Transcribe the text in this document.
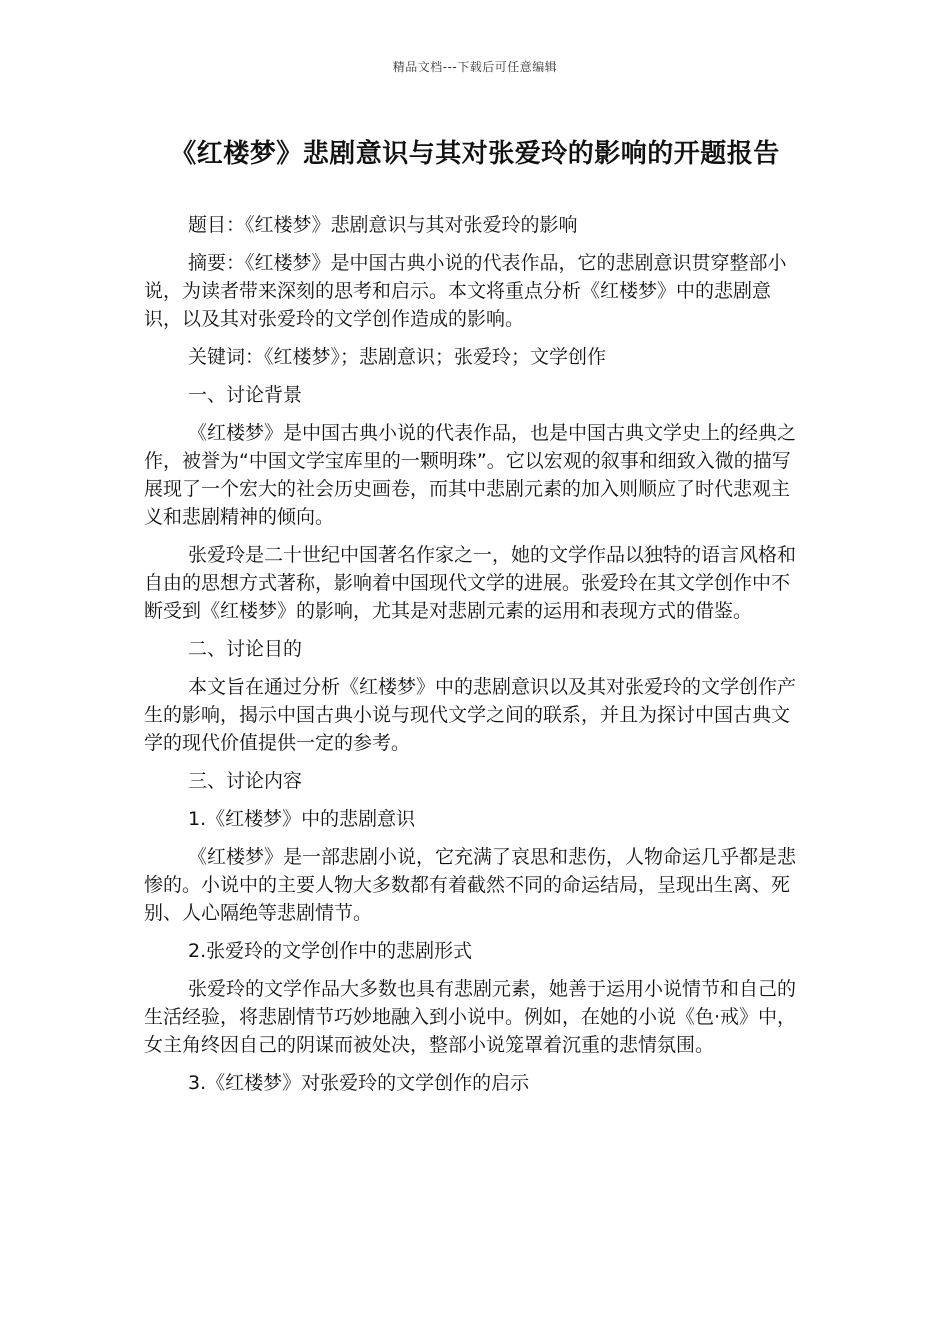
精品文档---下载后可任意编辑
《红楼梦》悲剧意识与其对张爱玲的影响的开题报告

题目：《红楼梦》悲剧意识与其对张爱玲的影响

摘要：《红楼梦》是中国古典小说的代表作品，它的悲剧意识贯穿整部小说，为读者带来深刻的思考和启示。本文将重点分析《红楼梦》中的悲剧意识，以及其对张爱玲的文学创作造成的影响。

关键词：《红楼梦》；悲剧意识；张爱玲；文学创作

一、讨论背景

《红楼梦》是中国古典小说的代表作品，也是中国古典文学史上的经典之作，被誉为“中国文学宝库里的一颗明珠”。它以宏观的叙事和细致入微的描写展现了一个宏大的社会历史画卷，而其中悲剧元素的加入则顺应了时代悲观主义和悲剧精神的倾向。

张爱玲是二十世纪中国著名作家之一，她的文学作品以独特的语言风格和自由的思想方式著称，影响着中国现代文学的进展。张爱玲在其文学创作中不断受到《红楼梦》的影响，尤其是对悲剧元素的运用和表现方式的借鉴。

二、讨论目的

本文旨在通过分析《红楼梦》中的悲剧意识以及其对张爱玲的文学创作产生的影响，揭示中国古典小说与现代文学之间的联系，并且为探讨中国古典文学的现代价值提供一定的参考。

三、讨论内容

1.《红楼梦》中的悲剧意识

《红楼梦》是一部悲剧小说，它充满了哀思和悲伤，人物命运几乎都是悲惨的。小说中的主要人物大多数都有着截然不同的命运结局，呈现出生离、死别、人心隔绝等悲剧情节。

2.张爱玲的文学创作中的悲剧形式

张爱玲的文学作品大多数也具有悲剧元素，她善于运用小说情节和自己的生活经验，将悲剧情节巧妙地融入到小说中。例如，在她的小说《色·戒》中，女主角终因自己的阴谋而被处决，整部小说笼罩着沉重的悲情氛围。

3.《红楼梦》对张爱玲的文学创作的启示
